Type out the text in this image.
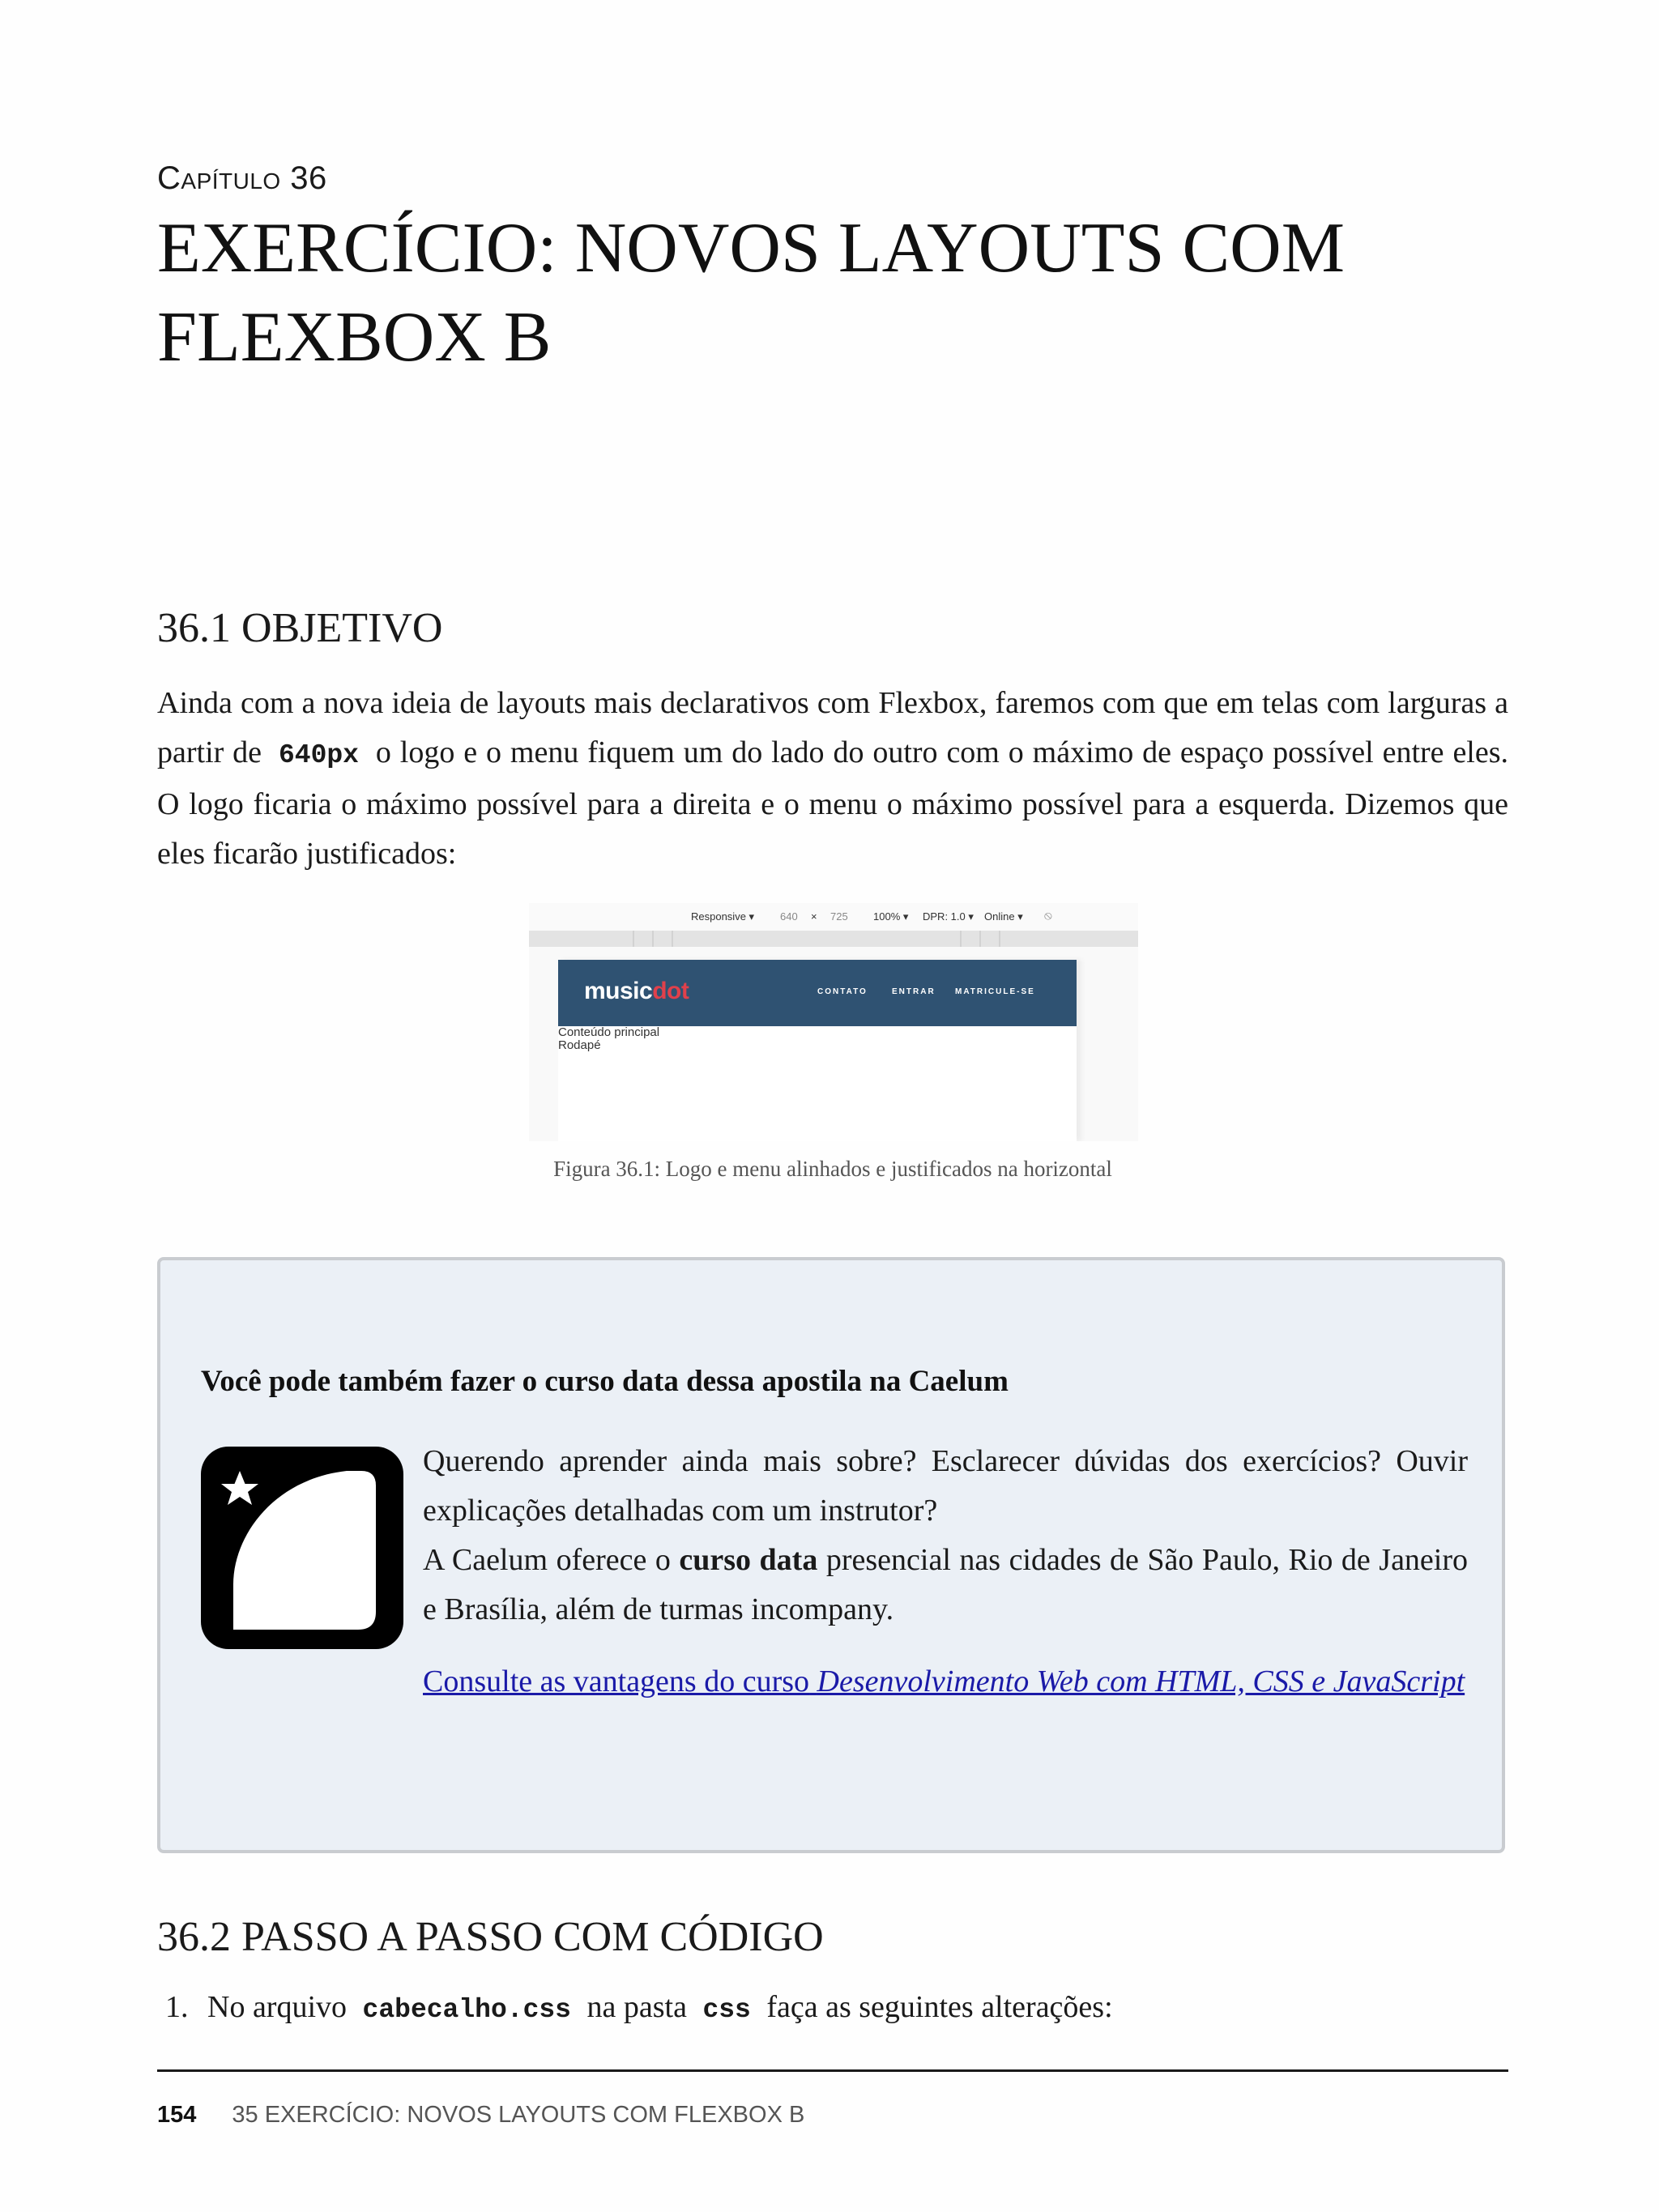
Capítulo 36
EXERCÍCIO: NOVOS LAYOUTS COM FLEXBOX B
36.1 OBJETIVO

Ainda com a nova ideia de layouts mais declarativos com Flexbox, faremos com que em telas com larguras a partir de 640px o logo e o menu fiquem um do lado do outro com o máximo de espaço possível entre eles. O logo ficaria o máximo possível para a direita e o menu o máximo possível para a esquerda. Dizemos que eles ficarão justificados:

Responsive ▾ 640 × 725 100% ▾ DPR: 1.0 ▾ Online ▾ ⦸
musicdot	CONTATO	ENTRAR MATRICULE-SE
Conteúdo principal
Rodapé
Figura 36.1: Logo e menu alinhados e justificados na horizontal

Você pode também fazer o curso data dessa apostila na Caelum

Querendo aprender ainda mais sobre? Esclarecer dúvidas dos exercícios? Ouvir explicações detalhadas com um instrutor?
A Caelum oferece o curso data presencial nas cidades de São Paulo, Rio de Janeiro e Brasília, além de turmas incompany.

Consulte as vantagens do curso Desenvolvimento Web com HTML, CSS e JavaScript

36.2 PASSO A PASSO COM CÓDIGO

1. No arquivo cabecalho.css na pasta css faça as seguintes alterações:

154 35 EXERCÍCIO: NOVOS LAYOUTS COM FLEXBOX B
